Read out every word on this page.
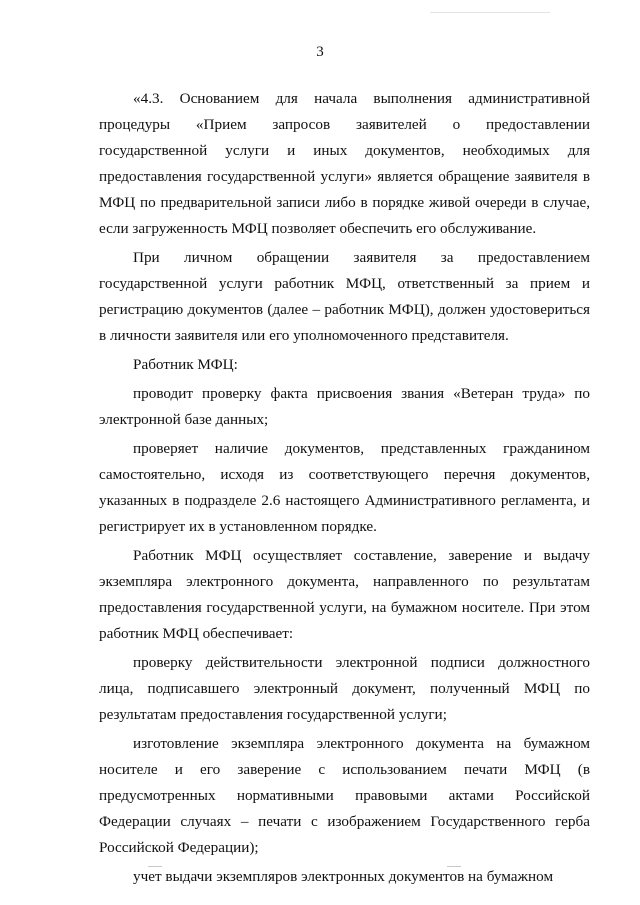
3

«4.3. Основанием для начала выполнения административной процедуры «Прием запросов заявителей о предоставлении государственной услуги и иных документов, необходимых для предоставления государственной услуги» является обращение заявителя в МФЦ по предварительной записи либо в порядке живой очереди в случае, если загруженность МФЦ позволяет обеспечить его обслуживание.

При личном обращении заявителя за предоставлением государственной услуги работник МФЦ, ответственный за прием и регистрацию документов (далее – работник МФЦ), должен удостовериться в личности заявителя или его уполномоченного представителя.

Работник МФЦ:

проводит проверку факта присвоения звания «Ветеран труда» по электронной базе данных;

проверяет наличие документов, представленных гражданином самостоятельно, исходя из соответствующего перечня документов, указанных в подразделе 2.6 настоящего Административного регламента, и регистрирует их в установленном порядке.

Работник МФЦ осуществляет составление, заверение и выдачу экземпляра электронного документа, направленного по результатам предоставления государственной услуги, на бумажном носителе. При этом работник МФЦ обеспечивает:

проверку действительности электронной подписи должностного лица, подписавшего электронный документ, полученный МФЦ по результатам предоставления государственной услуги;

изготовление экземпляра электронного документа на бумажном носителе и его заверение с использованием печати МФЦ (в предусмотренных нормативными правовыми актами Российской Федерации случаях – печати с изображением Государственного герба Российской Федерации);

учет выдачи экземпляров электронных документов на бумажном
